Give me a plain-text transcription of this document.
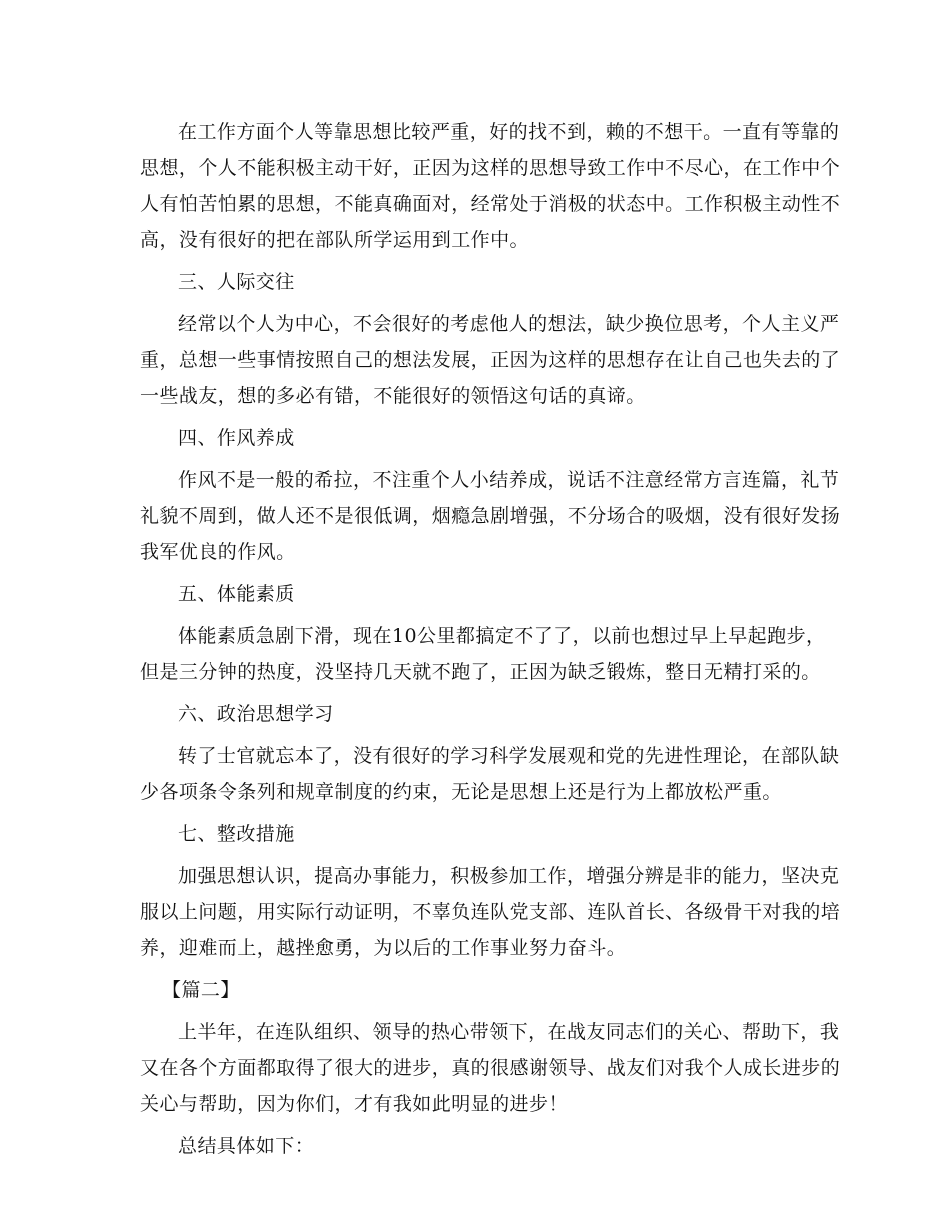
在工作方面个人等靠思想比较严重，好的找不到，赖的不想干。一直有等靠的
思想，个人不能积极主动干好，正因为这样的思想导致工作中不尽心，在工作中个
人有怕苦怕累的思想，不能真确面对，经常处于消极的状态中。工作积极主动性不
高，没有很好的把在部队所学运用到工作中。
三、人际交往
经常以个人为中心，不会很好的考虑他人的想法，缺少换位思考，个人主义严
重，总想一些事情按照自己的想法发展，正因为这样的思想存在让自己也失去的了
一些战友，想的多必有错，不能很好的领悟这句话的真谛。
四、作风养成
作风不是一般的希拉，不注重个人小结养成，说话不注意经常方言连篇，礼节
礼貌不周到，做人还不是很低调，烟瘾急剧增强，不分场合的吸烟，没有很好发扬
我军优良的作风。
五、体能素质
体能素质急剧下滑，现在10公里都搞定不了了，以前也想过早上早起跑步，
但是三分钟的热度，没坚持几天就不跑了，正因为缺乏锻炼，整日无精打采的。
六、政治思想学习
转了士官就忘本了，没有很好的学习科学发展观和党的先进性理论，在部队缺
少各项条令条列和规章制度的约束，无论是思想上还是行为上都放松严重。
七、整改措施
加强思想认识，提高办事能力，积极参加工作，增强分辨是非的能力，坚决克
服以上问题，用实际行动证明，不辜负连队党支部、连队首长、各级骨干对我的培
养，迎难而上，越挫愈勇，为以后的工作事业努力奋斗。
【篇二】
上半年，在连队组织、领导的热心带领下，在战友同志们的关心、帮助下，我
又在各个方面都取得了很大的进步，真的很感谢领导、战友们对我个人成长进步的
关心与帮助，因为你们，才有我如此明显的进步！
总结具体如下：
